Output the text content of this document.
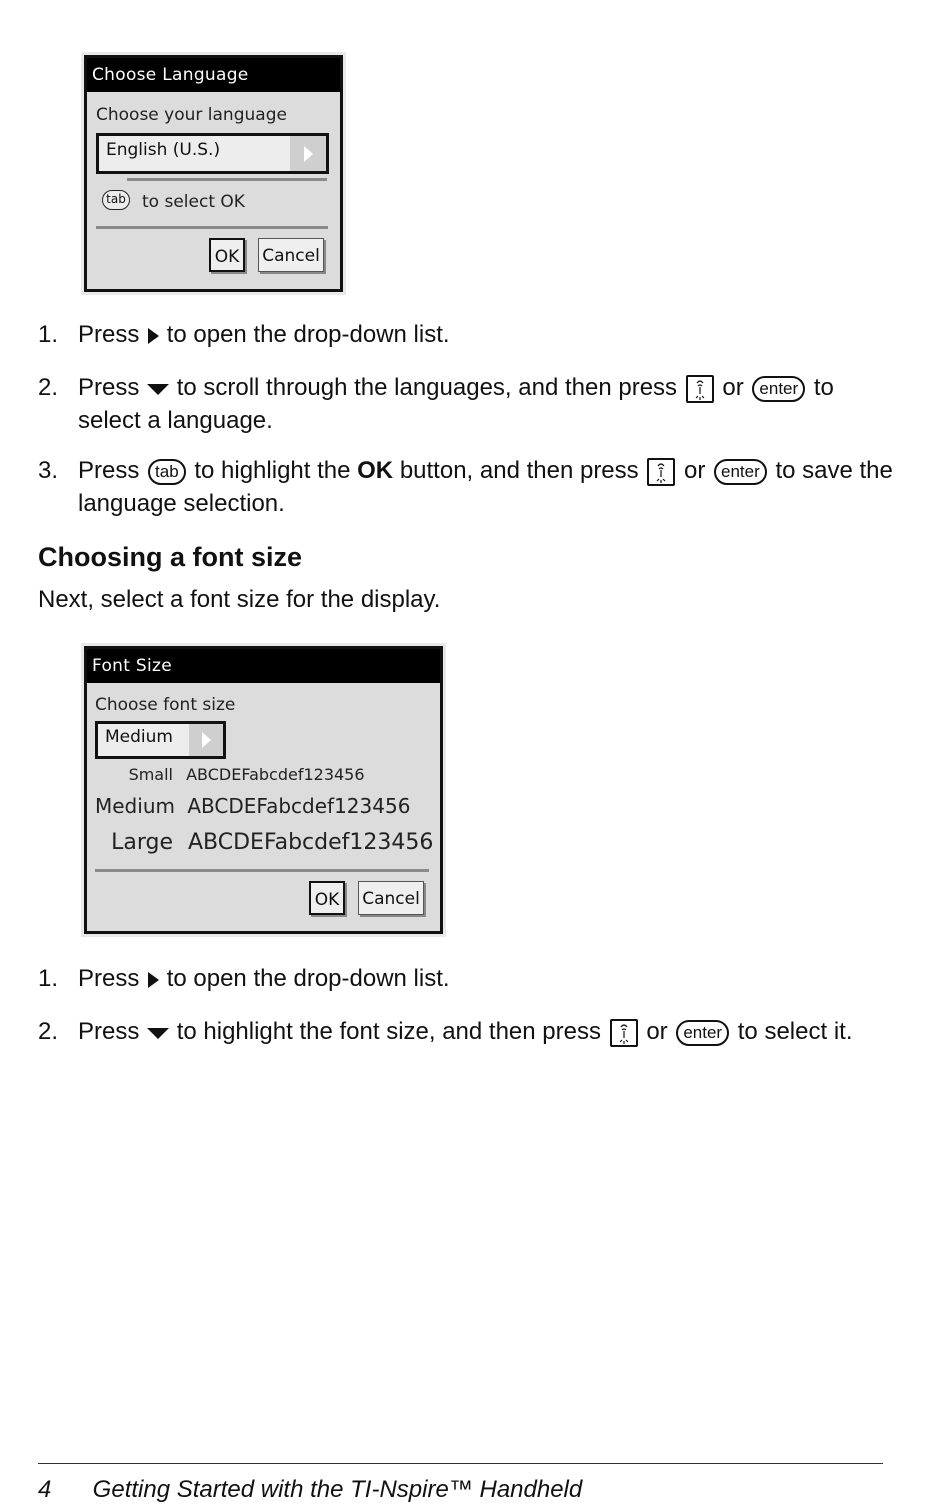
Choose Language
Choose your language
English (U.S.)
tab to select OK
OK	Cancel
1. Press to open the drop-down list.
2. Press to scroll through the languages, and then press or enter to select a language.
3. Press tab to highlight the OK button, and then press or enter to save the language selection.
Choosing a font size
Next, select a font size for the display.
Font Size
Choose font size
Medium
Small ABCDEFabcdef123456
Medium ABCDEFabcdef123456
Large ABCDEFabcdef123456
OK	Cancel
1. Press to open the drop-down list.
2. Press to highlight the font size, and then press or enter to select it.
4 Getting Started with the TI-Nspire™ Handheld
